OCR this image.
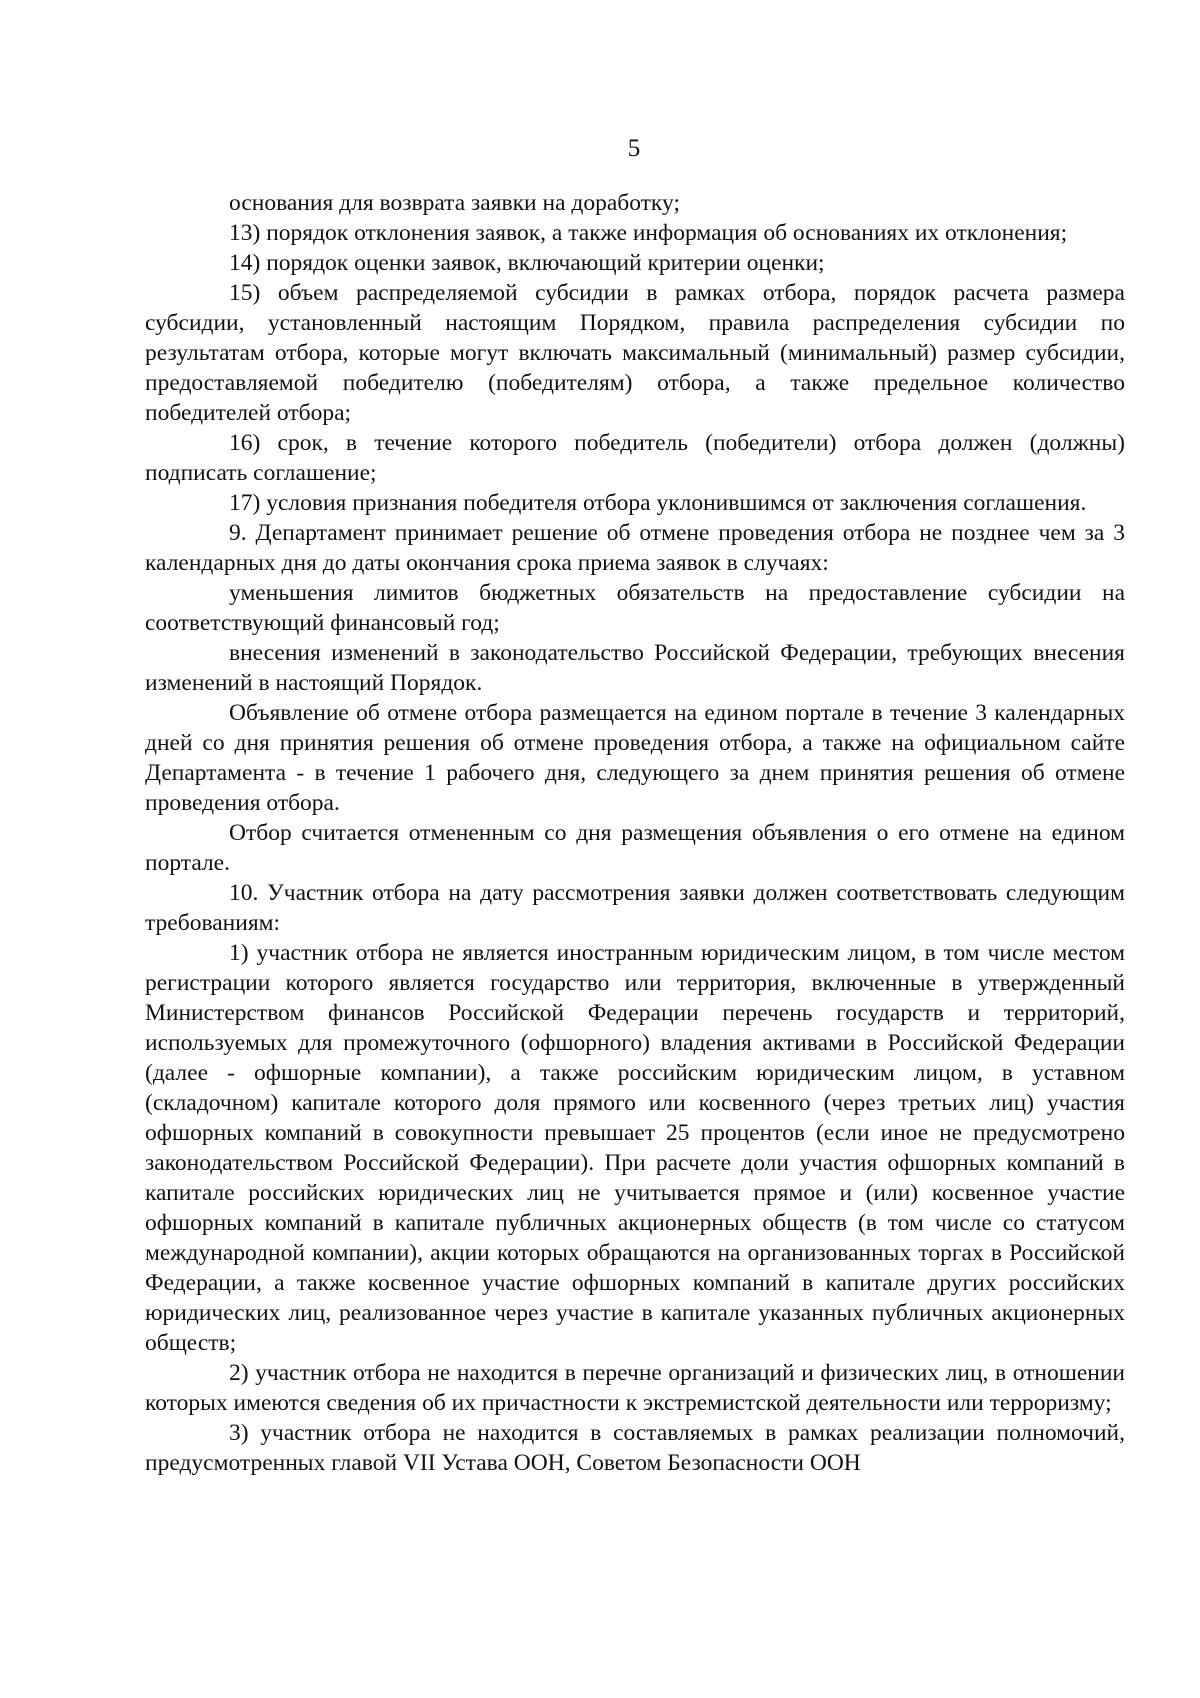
5

основания для возврата заявки на доработку;

13) порядок отклонения заявок, а также информация об основаниях их отклонения;

14) порядок оценки заявок, включающий критерии оценки;

15) объем распределяемой субсидии в рамках отбора, порядок расчета размера субсидии, установленный настоящим Порядком, правила распределения субсидии по результатам отбора, которые могут включать максимальный (минимальный) размер субсидии, предоставляемой победителю (победителям) отбора, а также предельное количество победителей отбора;

16) срок, в течение которого победитель (победители) отбора должен (должны) подписать соглашение;

17) условия признания победителя отбора уклонившимся от заключения соглашения.

9. Департамент принимает решение об отмене проведения отбора не позднее чем за 3 календарных дня до даты окончания срока приема заявок в случаях:

уменьшения лимитов бюджетных обязательств на предоставление субсидии на соответствующий финансовый год;

внесения изменений в законодательство Российской Федерации, требующих внесения изменений в настоящий Порядок.

Объявление об отмене отбора размещается на едином портале в течение 3 календарных дней со дня принятия решения об отмене проведения отбора, а также на официальном сайте Департамента - в течение 1 рабочего дня, следующего за днем принятия решения об отмене проведения отбора.

Отбор считается отмененным со дня размещения объявления о его отмене на едином портале.

10. Участник отбора на дату рассмотрения заявки должен соответствовать следующим требованиям:

1) участник отбора не является иностранным юридическим лицом, в том числе местом регистрации которого является государство или территория, включенные в утвержденный Министерством финансов Российской Федерации перечень государств и территорий, используемых для промежуточного (офшорного) владения активами в Российской Федерации (далее - офшорные компании), а также российским юридическим лицом, в уставном (складочном) капитале которого доля прямого или косвенного (через третьих лиц) участия офшорных компаний в совокупности превышает 25 процентов (если иное не предусмотрено законодательством Российской Федерации). При расчете доли участия офшорных компаний в капитале российских юридических лиц не учитывается прямое и (или) косвенное участие офшорных компаний в капитале публичных акционерных обществ (в том числе со статусом международной компании), акции которых обращаются на организованных торгах в Российской Федерации, а также косвенное участие офшорных компаний в капитале других российских юридических лиц, реализованное через участие в капитале указанных публичных акционерных обществ;

2) участник отбора не находится в перечне организаций и физических лиц, в отношении которых имеются сведения об их причастности к экстремистской деятельности или терроризму;

3) участник отбора не находится в составляемых в рамках реализации полномочий, предусмотренных главой VII Устава ООН, Советом Безопасности ООН
